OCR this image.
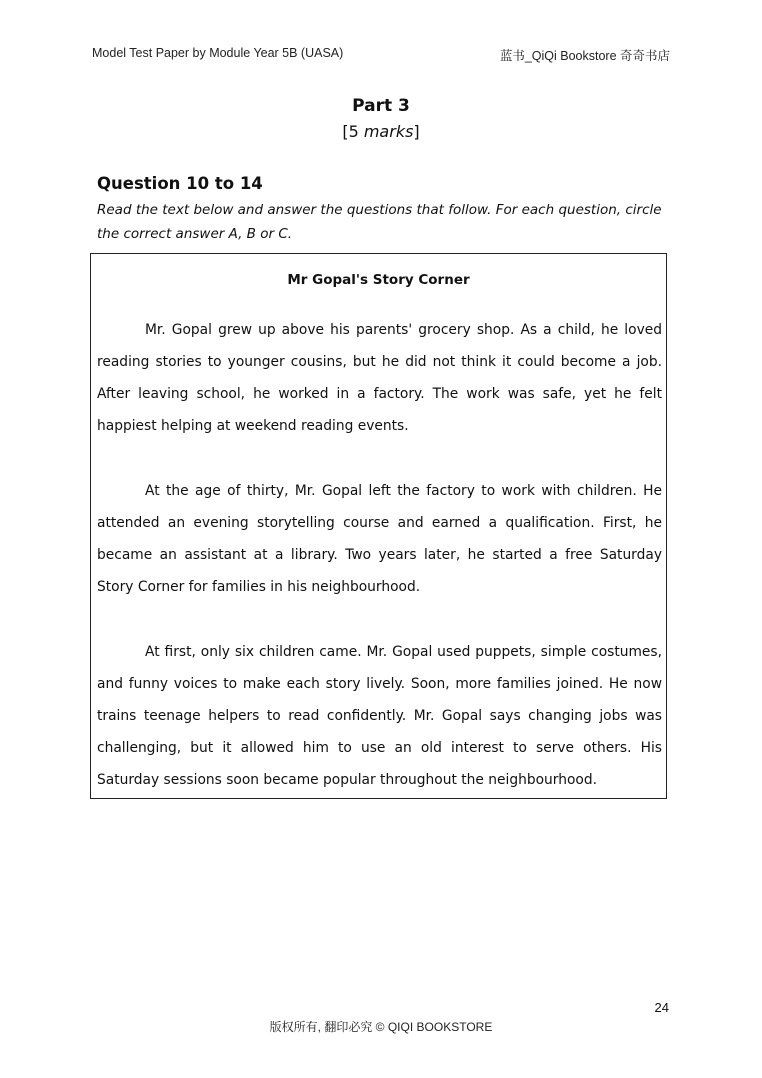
Model Test Paper by Module Year 5B (UASA)	蓝书_QiQi Bookstore 奇奇书店
Part 3
[5 marks]
Question 10 to 14
Read the text below and answer the questions that follow. For each question, circle the correct answer A, B or C.
Mr Gopal's Story Corner

Mr. Gopal grew up above his parents' grocery shop. As a child, he loved reading stories to younger cousins, but he did not think it could become a job. After leaving school, he worked in a factory. The work was safe, yet he felt happiest helping at weekend reading events.

At the age of thirty, Mr. Gopal left the factory to work with children. He attended an evening storytelling course and earned a qualification. First, he became an assistant at a library. Two years later, he started a free Saturday Story Corner for families in his neighbourhood.

At first, only six children came. Mr. Gopal used puppets, simple costumes, and funny voices to make each story lively. Soon, more families joined. He now trains teenage helpers to read confidently. Mr. Gopal says changing jobs was challenging, but it allowed him to use an old interest to serve others. His Saturday sessions soon became popular throughout the neighbourhood.

24
版权所有, 翻印必究 © QIQI BOOKSTORE
